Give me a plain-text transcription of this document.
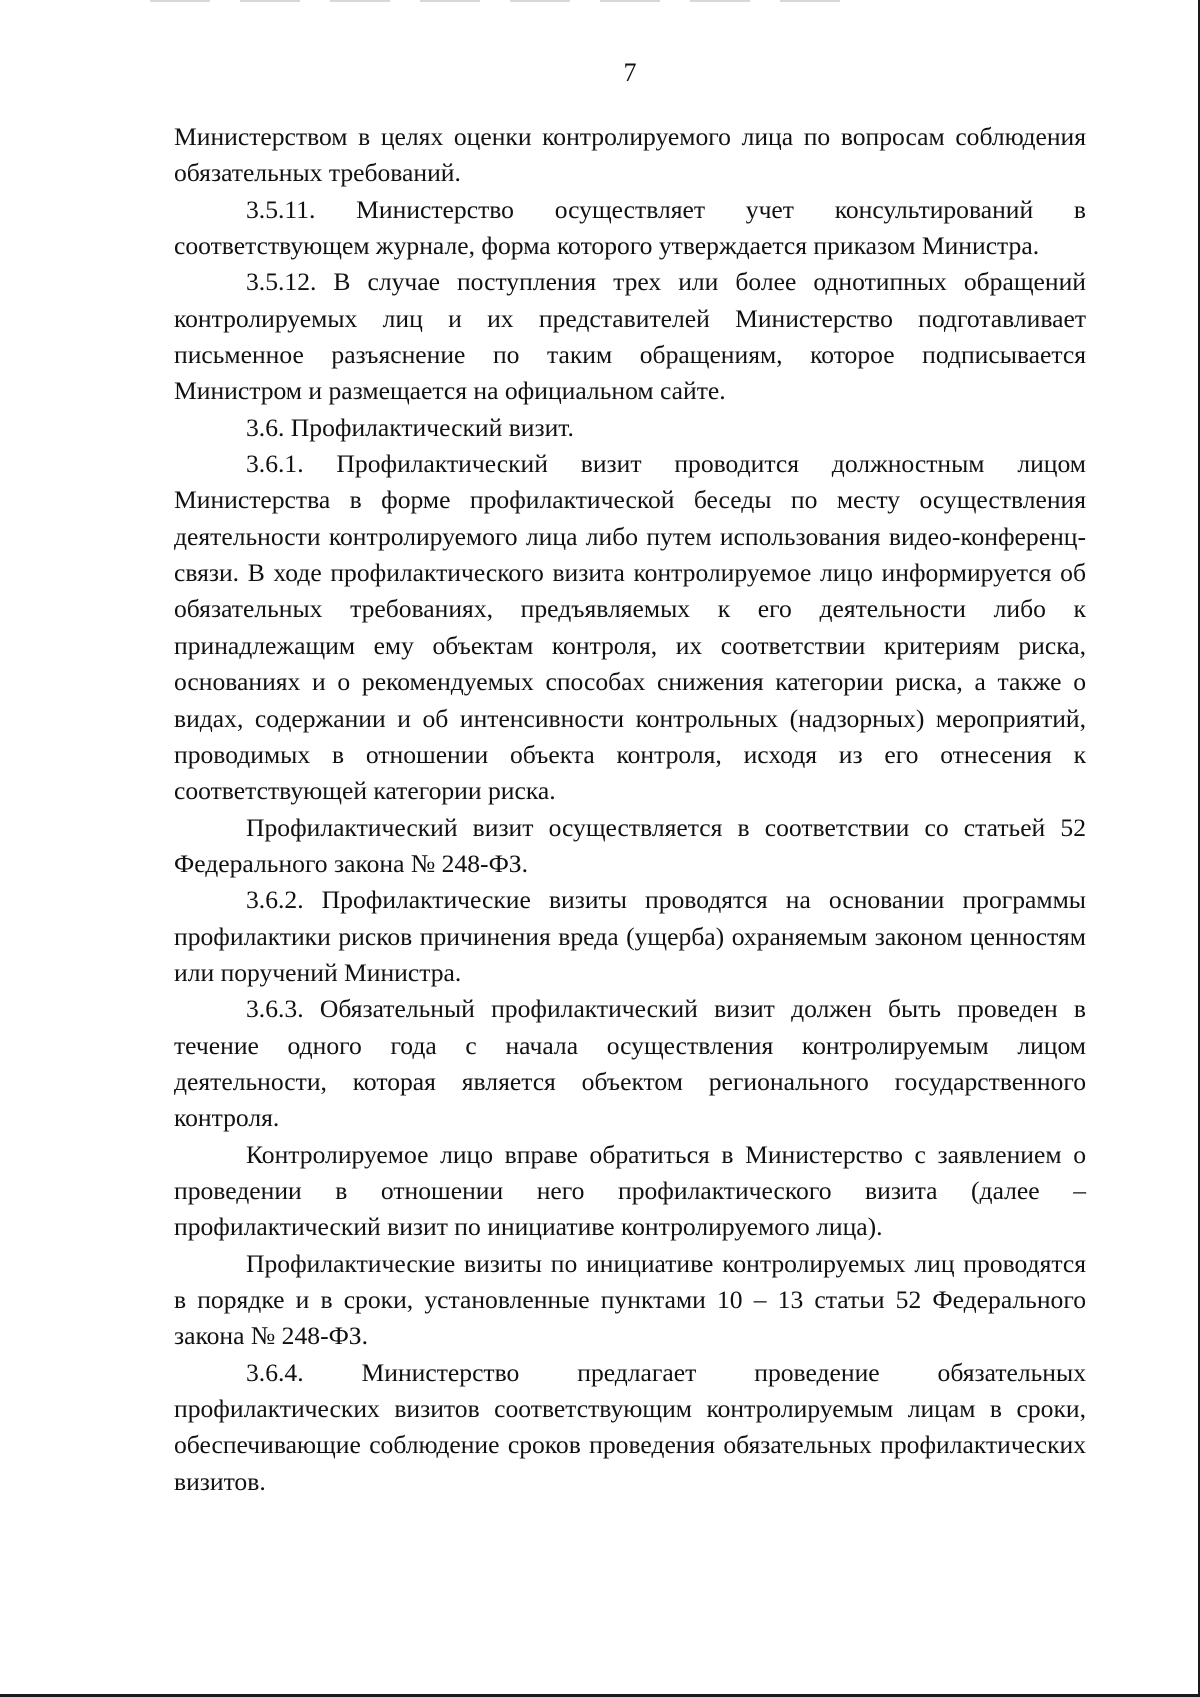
7

Министерством в целях оценки контролируемого лица по вопросам соблюдения обязательных требований.

3.5.11. Министерство осуществляет учет консультирований в соответствующем журнале, форма которого утверждается приказом Министра.

3.5.12. В случае поступления трех или более однотипных обращений контролируемых лиц и их представителей Министерство подготавливает письменное разъяснение по таким обращениям, которое подписывается Министром и размещается на официальном сайте.

3.6. Профилактический визит.

3.6.1. Профилактический визит проводится должностным лицом Министерства в форме профилактической беседы по месту осуществления деятельности контролируемого лица либо путем использования видео-конференц-связи. В ходе профилактического визита контролируемое лицо информируется об обязательных требованиях, предъявляемых к его деятельности либо к принадлежащим ему объектам контроля, их соответствии критериям риска, основаниях и о рекомендуемых способах снижения категории риска, а также о видах, содержании и об интенсивности контрольных (надзорных) мероприятий, проводимых в отношении объекта контроля, исходя из его отнесения к соответствующей категории риска.

Профилактический визит осуществляется в соответствии со статьей 52 Федерального закона № 248-ФЗ.

3.6.2. Профилактические визиты проводятся на основании программы профилактики рисков причинения вреда (ущерба) охраняемым законом ценностям или поручений Министра.

3.6.3. Обязательный профилактический визит должен быть проведен в течение одного года с начала осуществления контролируемым лицом деятельности, которая является объектом регионального государственного контроля.

Контролируемое лицо вправе обратиться в Министерство с заявлением о проведении в отношении него профилактического визита (далее – профилактический визит по инициативе контролируемого лица).

Профилактические визиты по инициативе контролируемых лиц проводятся в порядке и в сроки, установленные пунктами 10 – 13 статьи 52 Федерального закона № 248-ФЗ.

3.6.4. Министерство предлагает проведение обязательных профилактических визитов соответствующим контролируемым лицам в сроки, обеспечивающие соблюдение сроков проведения обязательных профилактических визитов.
